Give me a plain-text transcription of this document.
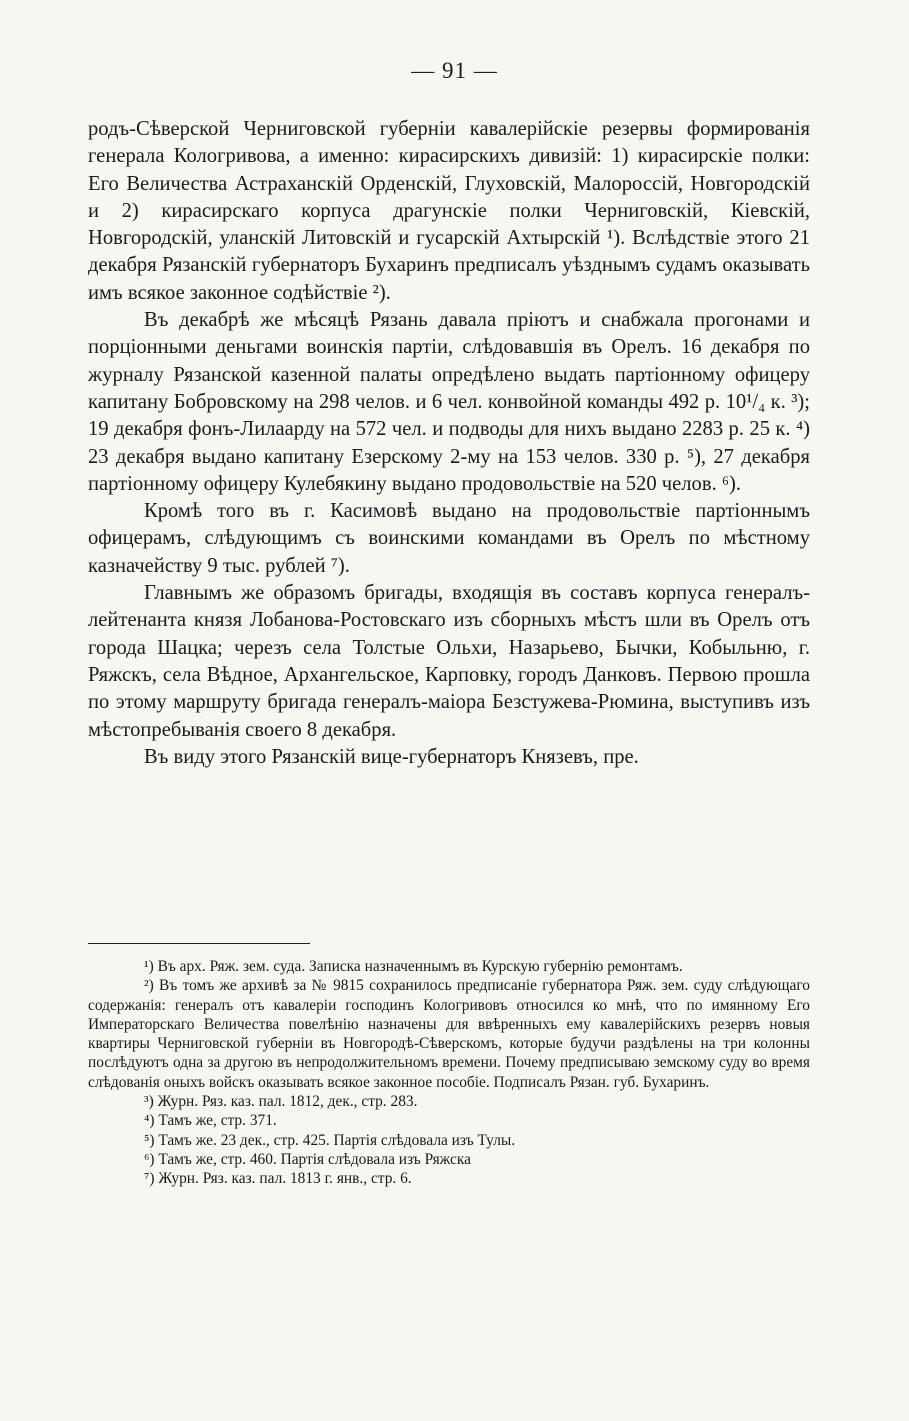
— 91 —

родъ-Сѣверской Черниговской губерніи кавалерійскіе резервы формированія генерала Кологривова, а именно: кирасирскихъ дивизій: 1) кирасирскіе полки: Его Величества Астраханскій Орденскій, Глуховскій, Малороссій, Новгородскій и 2) кирасирскаго корпуса драгунскіе полки Черниговскій, Кіевскій, Новгородскій, уланскій Литовскій и гусарскій Ахтырскій ¹). Вслѣдствіе этого 21 декабря Рязанскій губернаторъ Бухаринъ предписалъ уѣзднымъ судамъ оказывать имъ всякое законное содѣйствіе ²).

Въ декабрѣ же мѣсяцѣ Рязань давала пріютъ и снабжала прогонами и порціонными деньгами воинскія партіи, слѣдовавшія въ Орелъ. 16 декабря по журналу Рязанской казенной палаты опредѣлено выдать партіонному офицеру капитану Бобровскому на 298 челов. и 6 чел. конвойной команды 492 р. 10¹/₄ к. ³); 19 декабря фонъ-Лилаарду на 572 чел. и подводы для нихъ выдано 2283 р. 25 к. ⁴) 23 декабря выдано капитану Езерскому 2-му на 153 челов. 330 р. ⁵), 27 декабря партіонному офицеру Кулебякину выдано продовольствіе на 520 челов. ⁶).

Кромѣ того въ г. Касимовѣ выдано на продовольствіе партіоннымъ офицерамъ, слѣдующимъ съ воинскими командами въ Орелъ по мѣстному казначейству 9 тыс. рублей ⁷).

Главнымъ же образомъ бригады, входящія въ составъ корпуса генералъ-лейтенанта князя Лобанова-Ростовскаго изъ сборныхъ мѣстъ шли въ Орелъ отъ города Шацка; черезъ села Толстые Ольхи, Назарьево, Бычки, Кобыльню, г. Ряжскъ, села Вѣдное, Архангельское, Карповку, городъ Данковъ. Первою прошла по этому маршруту бригада генералъ-маіора Безстужева-Рюмина, выступивъ изъ мѣстопребыванія своего 8 декабря.

Въ виду этого Рязанскій вице-губернаторъ Князевъ, пре.

¹) Въ арх. Ряж. зем. суда. Записка назначеннымъ въ Курскую губернію ремонтамъ.

²) Въ томъ же архивѣ за № 9815 сохранилось предписаніе губернатора Ряж. зем. суду слѣдующаго содержанія: генералъ отъ кавалеріи господинъ Кологривовъ относился ко мнѣ, что по имянному Его Императорскаго Величества повелѣнію назначены для ввѣренныхъ ему кавалерійскихъ резервъ новыя квартиры Черниговской губерніи въ Новгородѣ-Сѣверскомъ, которые будучи раздѣлены на три колонны послѣдуютъ одна за другою въ непродолжительномъ времени. Почему предписываю земскому суду во время слѣдованія оныхъ войскъ оказывать всякое законное пособіе. Подписалъ Рязан. губ. Бухаринъ.

³) Журн. Ряз. каз. пал. 1812, дек., стр. 283.

⁴) Тамъ же, стр. 371.

⁵) Тамъ же. 23 дек., стр. 425. Партія слѣдовала изъ Тулы.

⁶) Тамъ же, стр. 460. Партія слѣдовала изъ Ряжска

⁷) Журн. Ряз. каз. пал. 1813 г. янв., стр. 6.
